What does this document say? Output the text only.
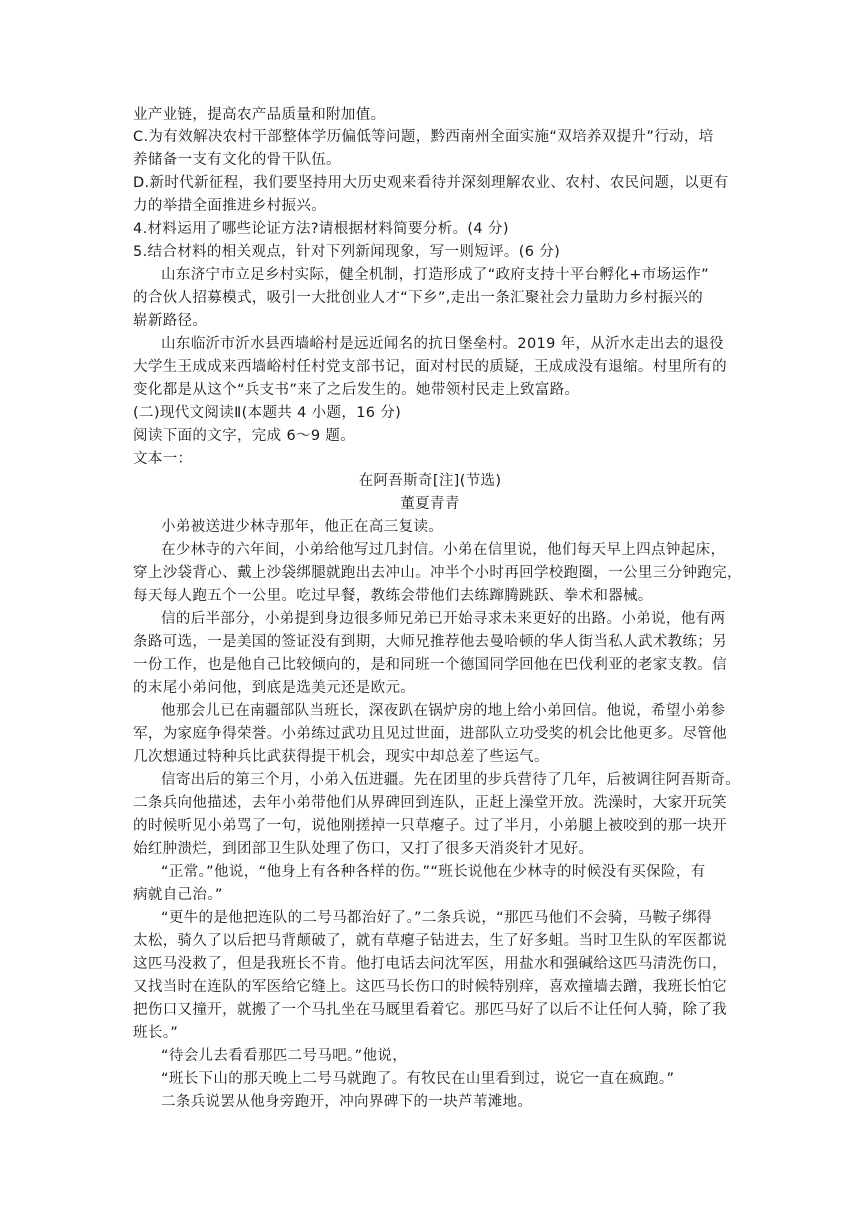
业产业链，提高农产品质量和附加值。
C.为有效解决农村干部整体学历偏低等问题，黔西南州全面实施“双培养双提升”行动，培
养储备一支有文化的骨干队伍。
D.新时代新征程，我们要坚持用大历史观来看待并深刻理解农业、农村、农民问题，以更有
力的举措全面推进乡村振兴。
4.材料运用了哪些论证方法?请根据材料简要分析。(4 分)
5.结合材料的相关观点，针对下列新闻现象，写一则短评。(6 分)
山东济宁市立足乡村实际，健全机制，打造形成了“政府支持十平台孵化+市场运作”
的合伙人招募模式，吸引一大批创业人才“下乡”,走出一条汇聚社会力量助力乡村振兴的
崭新路径。
山东临沂市沂水县西墙峪村是远近闻名的抗日堡垒村。2019 年，从沂水走出去的退役
大学生王成成来西墙峪村任村党支部书记，面对村民的质疑，王成成没有退缩。村里所有的
变化都是从这个“兵支书”来了之后发生的。她带领村民走上致富路。
(二)现代文阅读Ⅱ(本题共 4 小题，16 分)
阅读下面的文字，完成 6～9 题。
文本一：
在阿吾斯奇[注](节选)
董夏青青
小弟被送进少林寺那年，他正在高三复读。
在少林寺的六年间，小弟给他写过几封信。小弟在信里说，他们每天早上四点钟起床，
穿上沙袋背心、戴上沙袋绑腿就跑出去冲山。冲半个小时再回学校跑圈，一公里三分钟跑完，
每天每人跑五个一公里。吃过早餐，教练会带他们去练蹿腾跳跃、拳术和器械。
信的后半部分，小弟提到身边很多师兄弟已开始寻求未来更好的出路。小弟说，他有两
条路可选，一是美国的签证没有到期，大师兄推荐他去曼哈顿的华人街当私人武术教练；另
一份工作，也是他自己比较倾向的，是和同班一个德国同学回他在巴伐利亚的老家支教。信
的末尾小弟问他，到底是选美元还是欧元。
他那会儿已在南疆部队当班长，深夜趴在锅炉房的地上给小弟回信。他说，希望小弟参
军，为家庭争得荣誉。小弟练过武功且见过世面，进部队立功受奖的机会比他更多。尽管他
几次想通过特种兵比武获得提干机会，现实中却总差了些运气。
信寄出后的第三个月，小弟入伍进疆。先在团里的步兵营待了几年，后被调往阿吾斯奇。
二条兵向他描述，去年小弟带他们从界碑回到连队，正赶上澡堂开放。洗澡时，大家开玩笑
的时候听见小弟骂了一句，说他刚搓掉一只草瘪子。过了半月，小弟腿上被咬到的那一块开
始红肿溃烂，到团部卫生队处理了伤口，又打了很多天消炎针才见好。
“正常。”他说，“他身上有各种各样的伤。”“班长说他在少林寺的时候没有买保险，有
病就自己治。”
“更牛的是他把连队的二号马都治好了。”二条兵说，“那匹马他们不会骑，马鞍子绑得
太松，骑久了以后把马背颠破了，就有草瘪子钻进去，生了好多蛆。当时卫生队的军医都说
这匹马没救了，但是我班长不肯。他打电话去问沈军医，用盐水和强碱给这匹马清洗伤口，
又找当时在连队的军医给它缝上。这匹马长伤口的时候特别痒，喜欢撞墙去蹭，我班长怕它
把伤口又撞开，就搬了一个马扎坐在马厩里看着它。那匹马好了以后不让任何人骑，除了我
班长。”
“待会儿去看看那匹二号马吧。”他说，
“班长下山的那天晚上二号马就跑了。有牧民在山里看到过，说它一直在疯跑。”
二条兵说罢从他身旁跑开，冲向界碑下的一块芦苇滩地。
